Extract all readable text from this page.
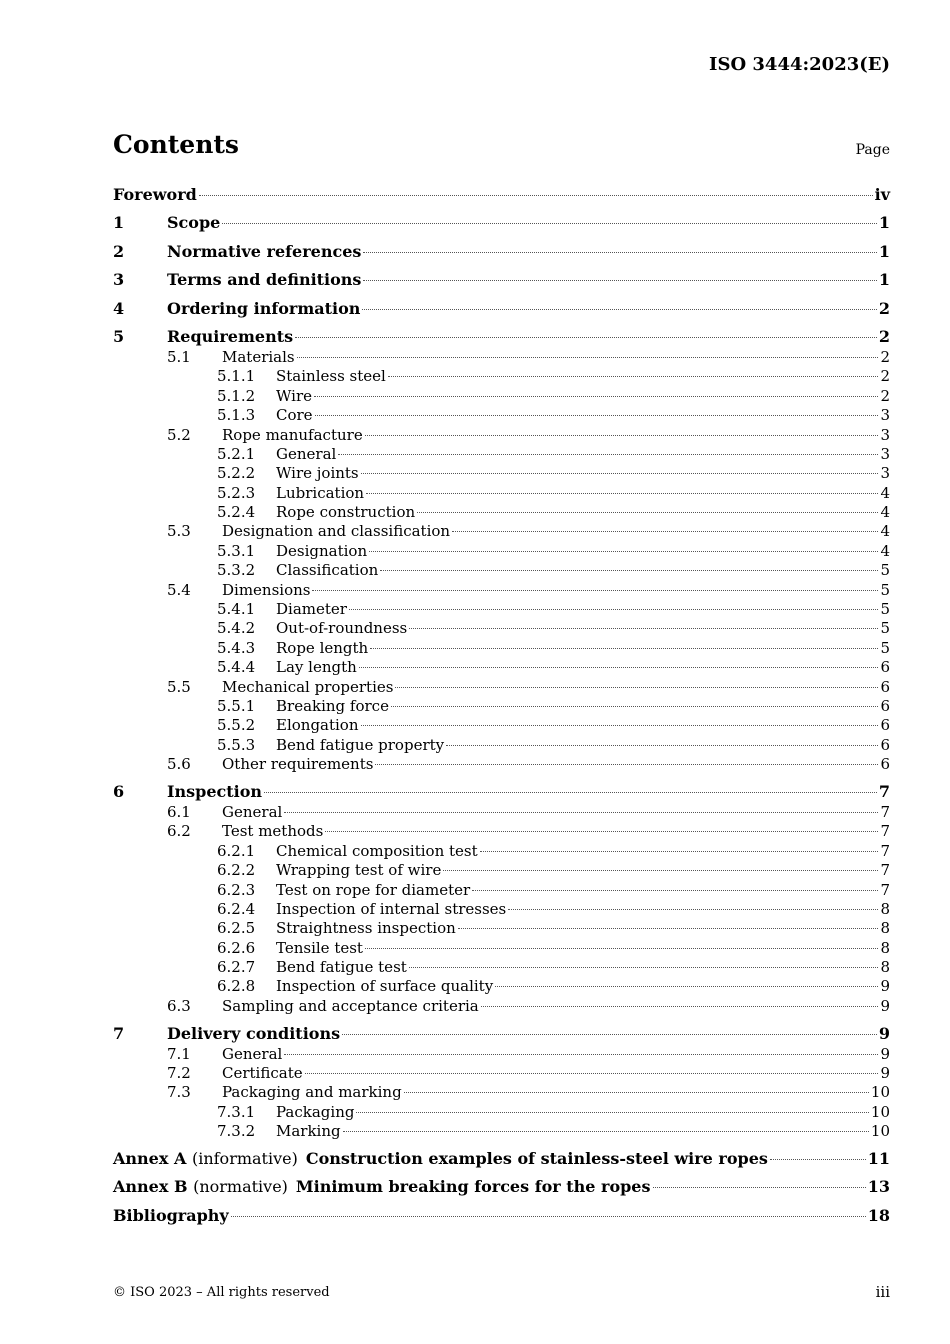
ISO 3444:2023(E)
Contents	Page
Foreword	iv
1	Scope	1
2	Normative references	1
3	Terms and definitions	1
4	Ordering information	2
5	Requirements	2
5.1	Materials	2
5.1.1	Stainless steel	2
5.1.2	Wire	2
5.1.3	Core	3
5.2	Rope manufacture	3
5.2.1	General	3
5.2.2	Wire joints	3
5.2.3	Lubrication	4
5.2.4	Rope construction	4
5.3	Designation and classification	4
5.3.1	Designation	4
5.3.2	Classification	5
5.4	Dimensions	5
5.4.1	Diameter	5
5.4.2	Out-of-roundness	5
5.4.3	Rope length	5
5.4.4	Lay length	6
5.5	Mechanical properties	6
5.5.1	Breaking force	6
5.5.2	Elongation	6
5.5.3	Bend fatigue property	6
5.6	Other requirements	6
6	Inspection	7
6.1	General	7
6.2	Test methods	7
6.2.1	Chemical composition test	7
6.2.2	Wrapping test of wire	7
6.2.3	Test on rope for diameter	7
6.2.4	Inspection of internal stresses	8
6.2.5	Straightness inspection	8
6.2.6	Tensile test	8
6.2.7	Bend fatigue test	8
6.2.8	Inspection of surface quality	9
6.3	Sampling and acceptance criteria	9
7	Delivery conditions	9
7.1	General	9
7.2	Certificate	9
7.3	Packaging and marking	10
7.3.1	Packaging	10
7.3.2	Marking	10
Annex A (informative) Construction examples of stainless-steel wire ropes	11
Annex B (normative) Minimum breaking forces for the ropes	13
Bibliography	18
© ISO 2023 – All rights reserved	iii
